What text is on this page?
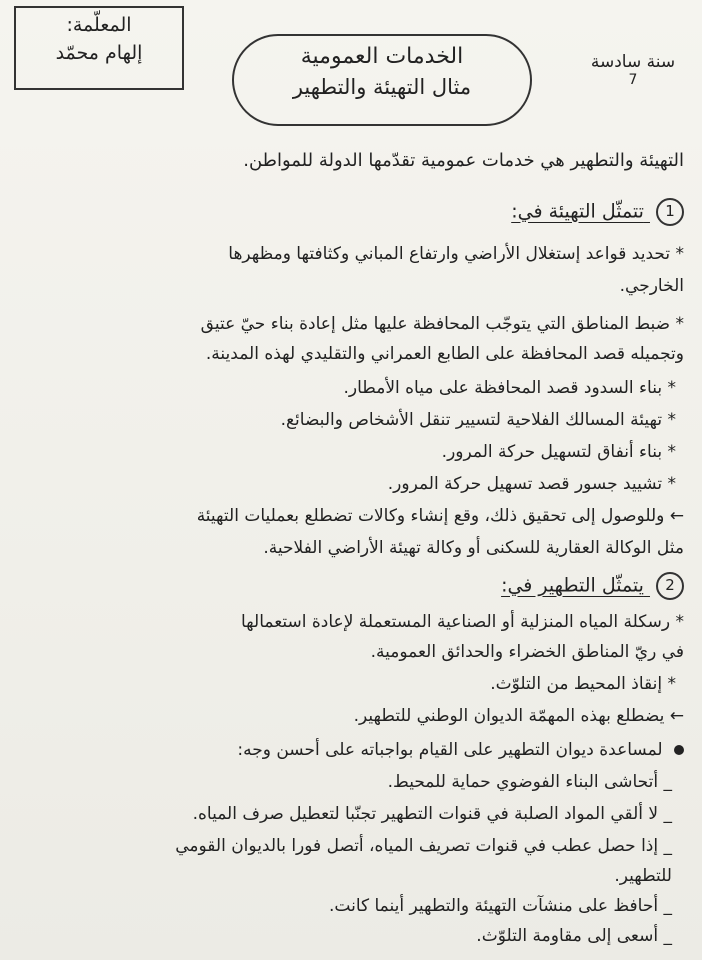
المعلّمة:
إلهام محمّد	الخدمات العمومية
مثال التهيئة والتطهير
سنة سادسة
7
التهيئة والتطهير هي خدمات عمومية تقدّمها الدولة للمواطن.
1 تتمثّل التهيئة في:
* تحديد قواعد إستغلال الأراضي وارتفاع المباني وكثافتها ومظهرها
الخارجي.
* ضبط المناطق التي يتوجّب المحافظة عليها مثل إعادة بناء حيّ عتيق
وتجميله قصد المحافظة على الطابع العمراني والتقليدي لهذه المدينة.
* بناء السدود قصد المحافظة على مياه الأمطار.
* تهيئة المسالك الفلاحية لتسيير تنقل الأشخاص والبضائع.
* بناء أنفاق لتسهيل حركة المرور.
* تشييد جسور قصد تسهيل حركة المرور.
← وللوصول إلى تحقيق ذلك، وقع إنشاء وكالات تضطلع بعمليات التهيئة
مثل الوكالة العقارية للسكنى أو وكالة تهيئة الأراضي الفلاحية.
2 يتمثّل التطهير في:
* رسكلة المياه المنزلية أو الصناعية المستعملة لإعادة استعمالها
في ريّ المناطق الخضراء والحدائق العمومية.
* إنقاذ المحيط من التلوّث.
← يضطلع بهذه المهمّة الديوان الوطني للتطهير.
لمساعدة ديوان التطهير على القيام بواجباته على أحسن وجه:
_ أتحاشى البناء الفوضوي حماية للمحيط.
_ لا ألقي المواد الصلبة في قنوات التطهير تجنّبا لتعطيل صرف المياه.
_ إذا حصل عطب في قنوات تصريف المياه، أتصل فورا بالديوان القومي
للتطهير.
_ أحافظ على منشآت التهيئة والتطهير أينما كانت.
_ أسعى إلى مقاومة التلوّث.
